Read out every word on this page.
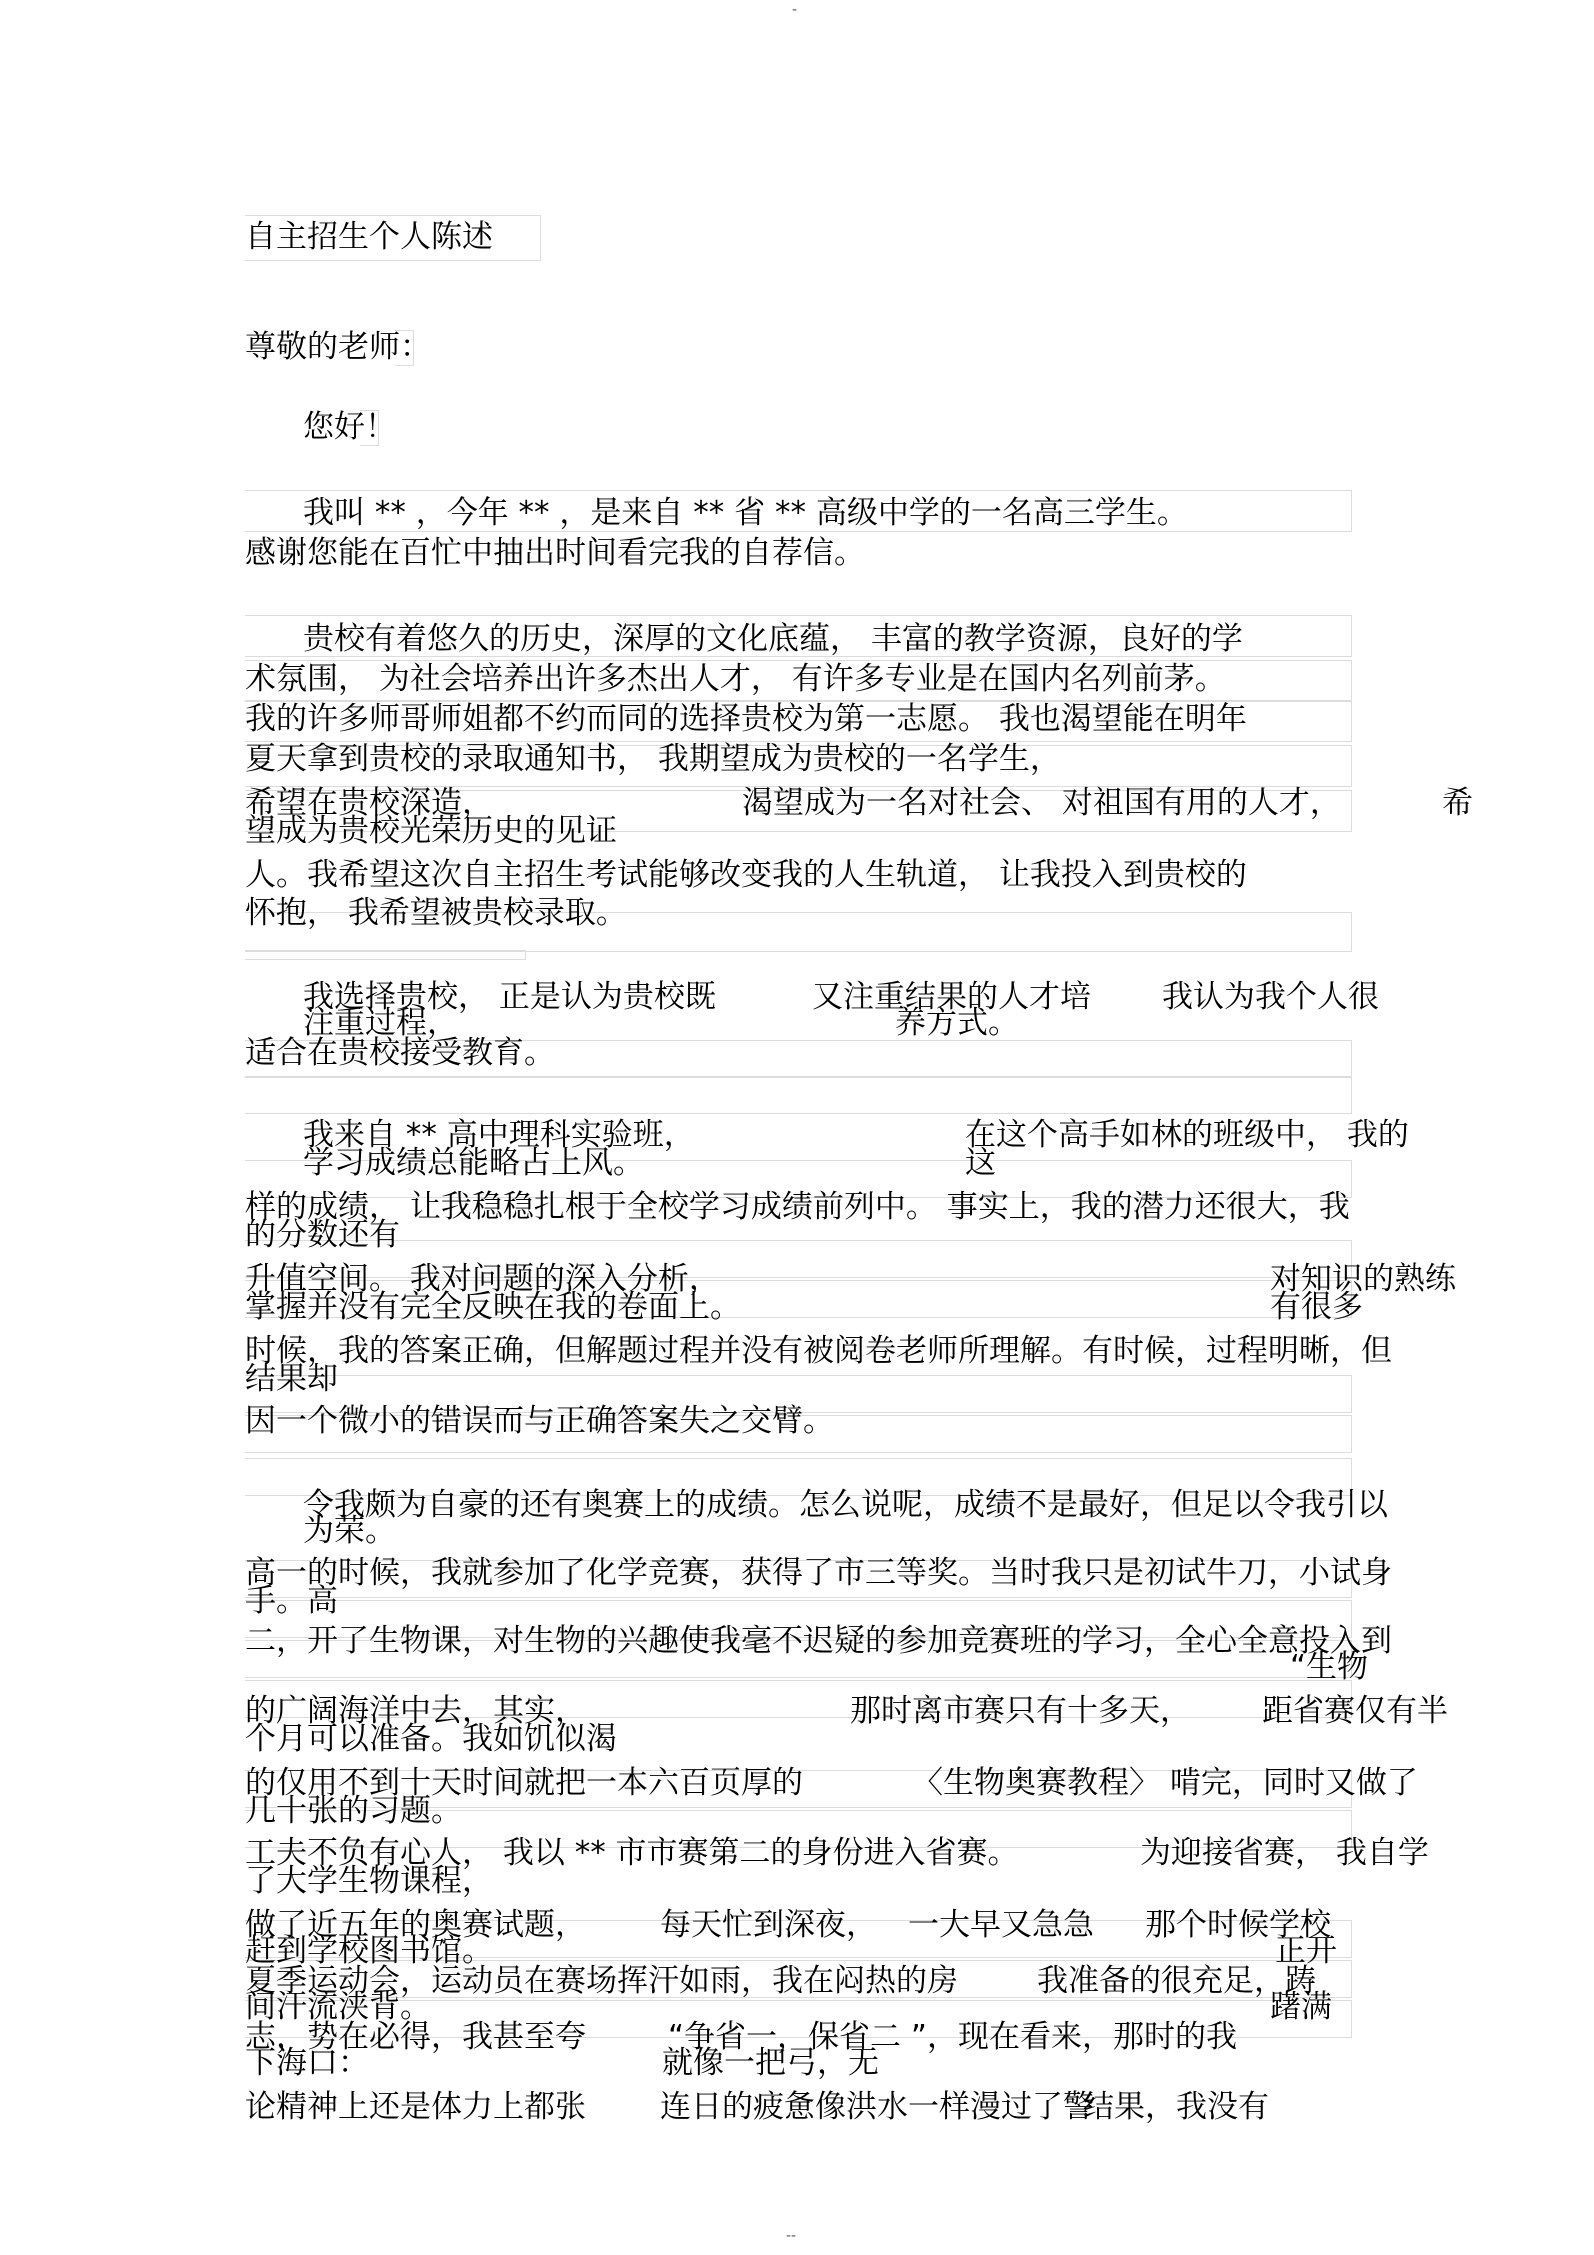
-
自主招生个人陈述
尊敬的老师：
您好！
我叫 ** ，今年 ** ，是来自 ** 省 ** 高级中学的一名高三学生。
感谢您能在百忙中抽出时间看完我的自荐信。
贵校有着悠久的历史，深厚的文化底蕴， 丰富的教学资源，良好的学
术氛围， 为社会培养出许多杰出人才， 有许多专业是在国内名列前茅。
我的许多师哥师姐都不约而同的选择贵校为第一志愿。 我也渴望能在明年
夏天拿到贵校的录取通知书， 我期望成为贵校的一名学生，
希望在贵校深造，	渴望成为一名对社会、 对祖国有用的人才，	希
望成为贵校光荣历史的见证
人。我希望这次自主招生考试能够改变我的人生轨道， 让我投入到贵校的
怀抱， 我希望被贵校录取。
我选择贵校， 正是认为贵校既	又注重结果的人才培 我认为我个人很
注重过程，	养方式。
适合在贵校接受教育。
我来自 ** 高中理科实验班，	在这个高手如林的班级中， 我的
学习成绩总能略占上风。	这
样的成绩， 让我稳稳扎根于全校学习成绩前列中。 事实上，我的潜力还很大，我
的分数还有
升值空间。 我对问题的深入分析，	对知识的熟练
掌握并没有完全反映在我的卷面上。	有很多
时候，我的答案正确，但解题过程并没有被阅卷老师所理解。有时候，过程明晰，但
结果却
因一个微小的错误而与正确答案失之交臂。
令我颇为自豪的还有奥赛上的成绩。怎么说呢，成绩不是最好，但足以令我引以
为荣。
高一的时候，我就参加了化学竞赛，获得了市三等奖。当时我只是初试牛刀，小试身
手。高
二，开了生物课，对生物的兴趣使我毫不迟疑的参加竞赛班的学习，全心全意投入到
“生物
的广阔海洋中去，其实，	那时离市赛只有十多天， 距省赛仅有半
个月可以准备。我如饥似渴
的仅用不到十天时间就把一本六百页厚的	〈生物奥赛教程〉 啃完，同时又做了
几十张的习题。
工夫不负有心人， 我以 ** 市市赛第二的身份进入省赛。	为迎接省赛， 我自学
了大学生物课程，
做了近五年的奥赛试题， 每天忙到深夜， 一大早又急急 那个时候学校
赶到学校图书馆。	正开
夏季运动会，运动员在赛场挥汗如雨，我在闷热的房	我准备的很充足，踌
间汗流浃背。	躇满
志，势在必得，我甚至夸	“争省一，保省二 ”，现在看来，那时的我
下海口：	就像一把弓，无
论精神上还是体力上都张 连日的疲惫像洪水一样漫过了警
结果，我没有
--
